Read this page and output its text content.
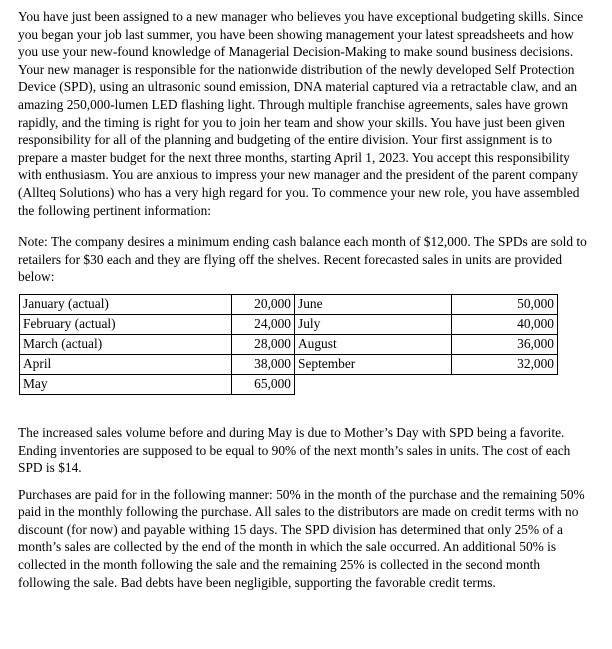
You have just been assigned to a new manager who believes you have exceptional budgeting skills. Since you began your job last summer, you have been showing management your latest spreadsheets and how you use your new-found knowledge of Managerial Decision-Making to make sound business decisions. Your new manager is responsible for the nationwide distribution of the newly developed Self Protection Device (SPD), using an ultrasonic sound emission, DNA material captured via a retractable claw, and an amazing 250,000-lumen LED flashing light. Through multiple franchise agreements, sales have grown rapidly, and the timing is right for you to join her team and show your skills. You have just been given responsibility for all of the planning and budgeting of the entire division. Your first assignment is to prepare a master budget for the next three months, starting April 1, 2023. You accept this responsibility with enthusiasm. You are anxious to impress your new manager and the president of the parent company (Allteq Solutions) who has a very high regard for you. To commence your new role, you have assembled the following pertinent information:

Note: The company desires a minimum ending cash balance each month of $12,000. The SPDs are sold to retailers for $30 each and they are flying off the shelves. Recent forecasted sales in units are provided below:

January (actual)	20,000	June	50,000
February (actual)	24,000	July	40,000
March (actual)	28,000	August	36,000
April	38,000	September	32,000
May	65,000		

The increased sales volume before and during May is due to Mother’s Day with SPD being a favorite. Ending inventories are supposed to be equal to 90% of the next month’s sales in units. The cost of each SPD is $14.

Purchases are paid for in the following manner: 50% in the month of the purchase and the remaining 50% paid in the monthly following the purchase. All sales to the distributors are made on credit terms with no discount (for now) and payable withing 15 days. The SPD division has determined that only 25% of a month’s sales are collected by the end of the month in which the sale occurred. An additional 50% is collected in the month following the sale and the remaining 25% is collected in the second month following the sale. Bad debts have been negligible, supporting the favorable credit terms.
